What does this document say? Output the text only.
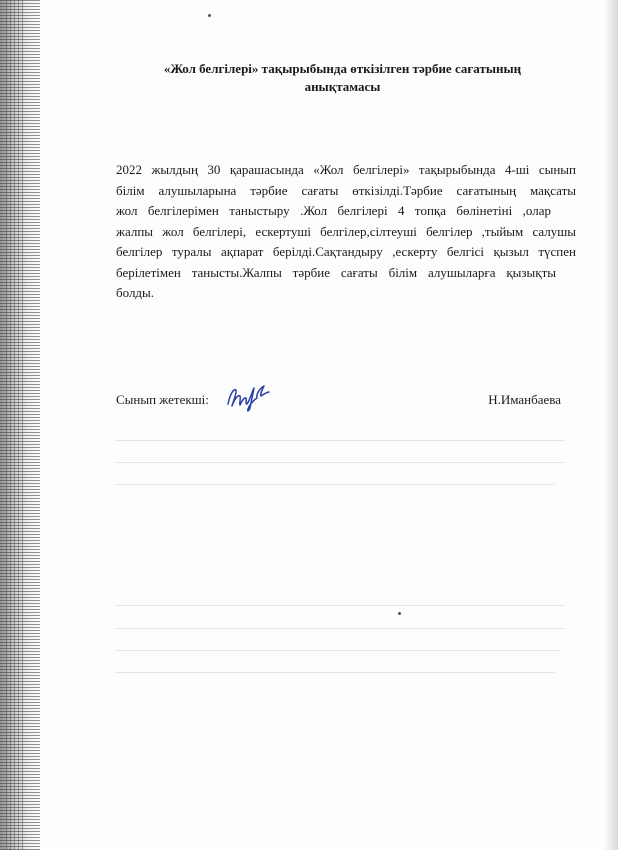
«Жол белгілері» тақырыбында өткізілген тәрбие сағатының
анықтамасы
2022 жылдың 30 қарашасында «Жол белгілері» тақырыбында 4-ші сынып
білім алушыларына тәрбие сағаты өткізілді.Тәрбие сағатының мақсаты
жол белгілерімен таныстыру .Жол белгілері 4 топқа бөлінетіні ,олар
жалпы жол белгілері, ескертуші белгілер,сілтеуші белгілер ,тыйым салушы
белгілер туралы ақпарат берілді.Сақтандыру ,ескерту белгісі қызыл түспен
берілетімен танысты.Жалпы тәрбие сағаты білім алушыларға қызықты
болды.
Сынып жетекші:	Н.Иманбаева
